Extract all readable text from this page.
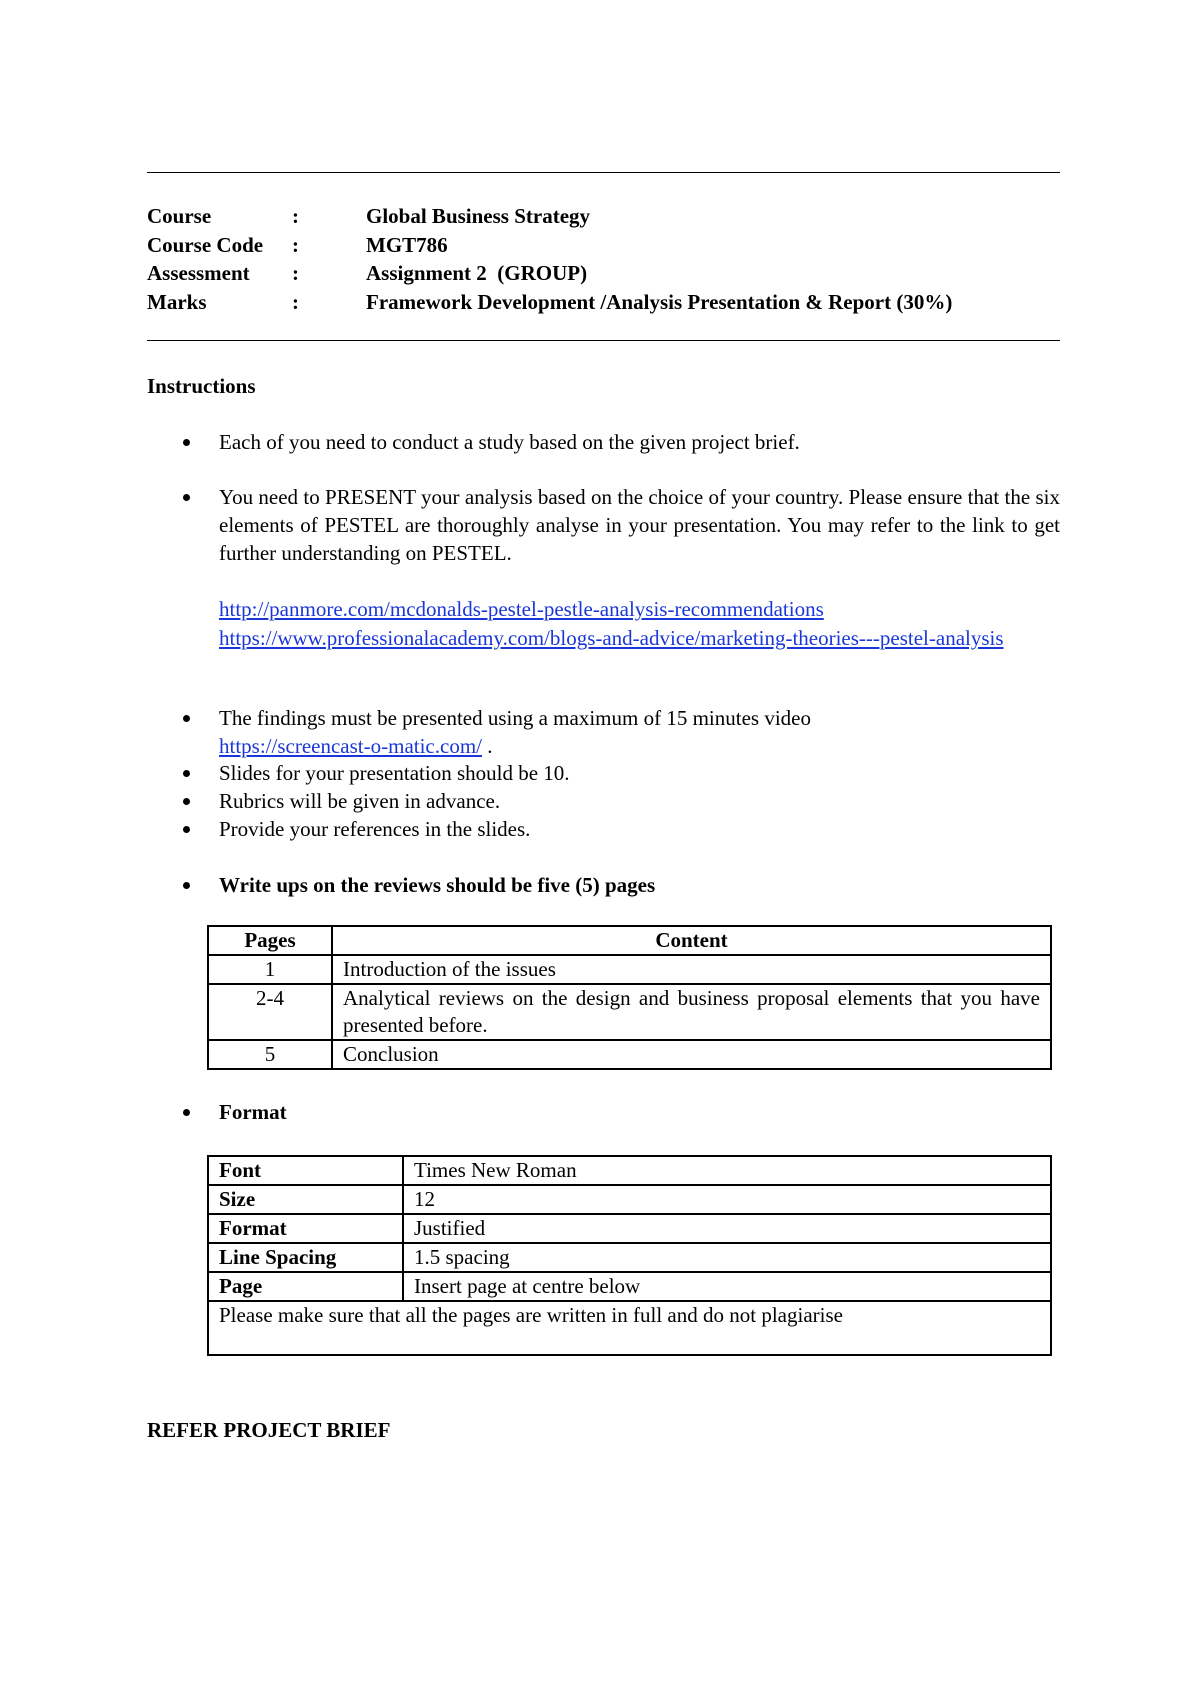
Course	:	Global Business Strategy
Course Code :	MGT786
Assessment :	Assignment 2  (GROUP)
Marks	:	Framework Development /Analysis Presentation & Report (30%)
Instructions
Each of you need to conduct a study based on the given project brief.
You need to PRESENT your analysis based on the choice of your country. Please ensure that the six elements of PESTEL are thoroughly analyse in your presentation. You may refer to the link to get further understanding on PESTEL.
http://panmore.com/mcdonalds-pestel-pestle-analysis-recommendations
https://www.professionalacademy.com/blogs-and-advice/marketing-theories---pestel-analysis
The findings must be presented using a maximum of 15 minutes video
https://screencast-o-matic.com/ .
Slides for your presentation should be 10.
Rubrics will be given in advance.
Provide your references in the slides.
Write ups on the reviews should be five (5) pages
Pages	Content
1	Introduction of the issues
2-4	Analytical reviews on the design and business proposal elements that you have presented before.
5	Conclusion
Format
Font	Times New Roman
Size	12
Format	Justified
Line Spacing	1.5 spacing
Page	Insert page at centre below
Please make sure that all the pages are written in full and do not plagiarise	
REFER PROJECT BRIEF
